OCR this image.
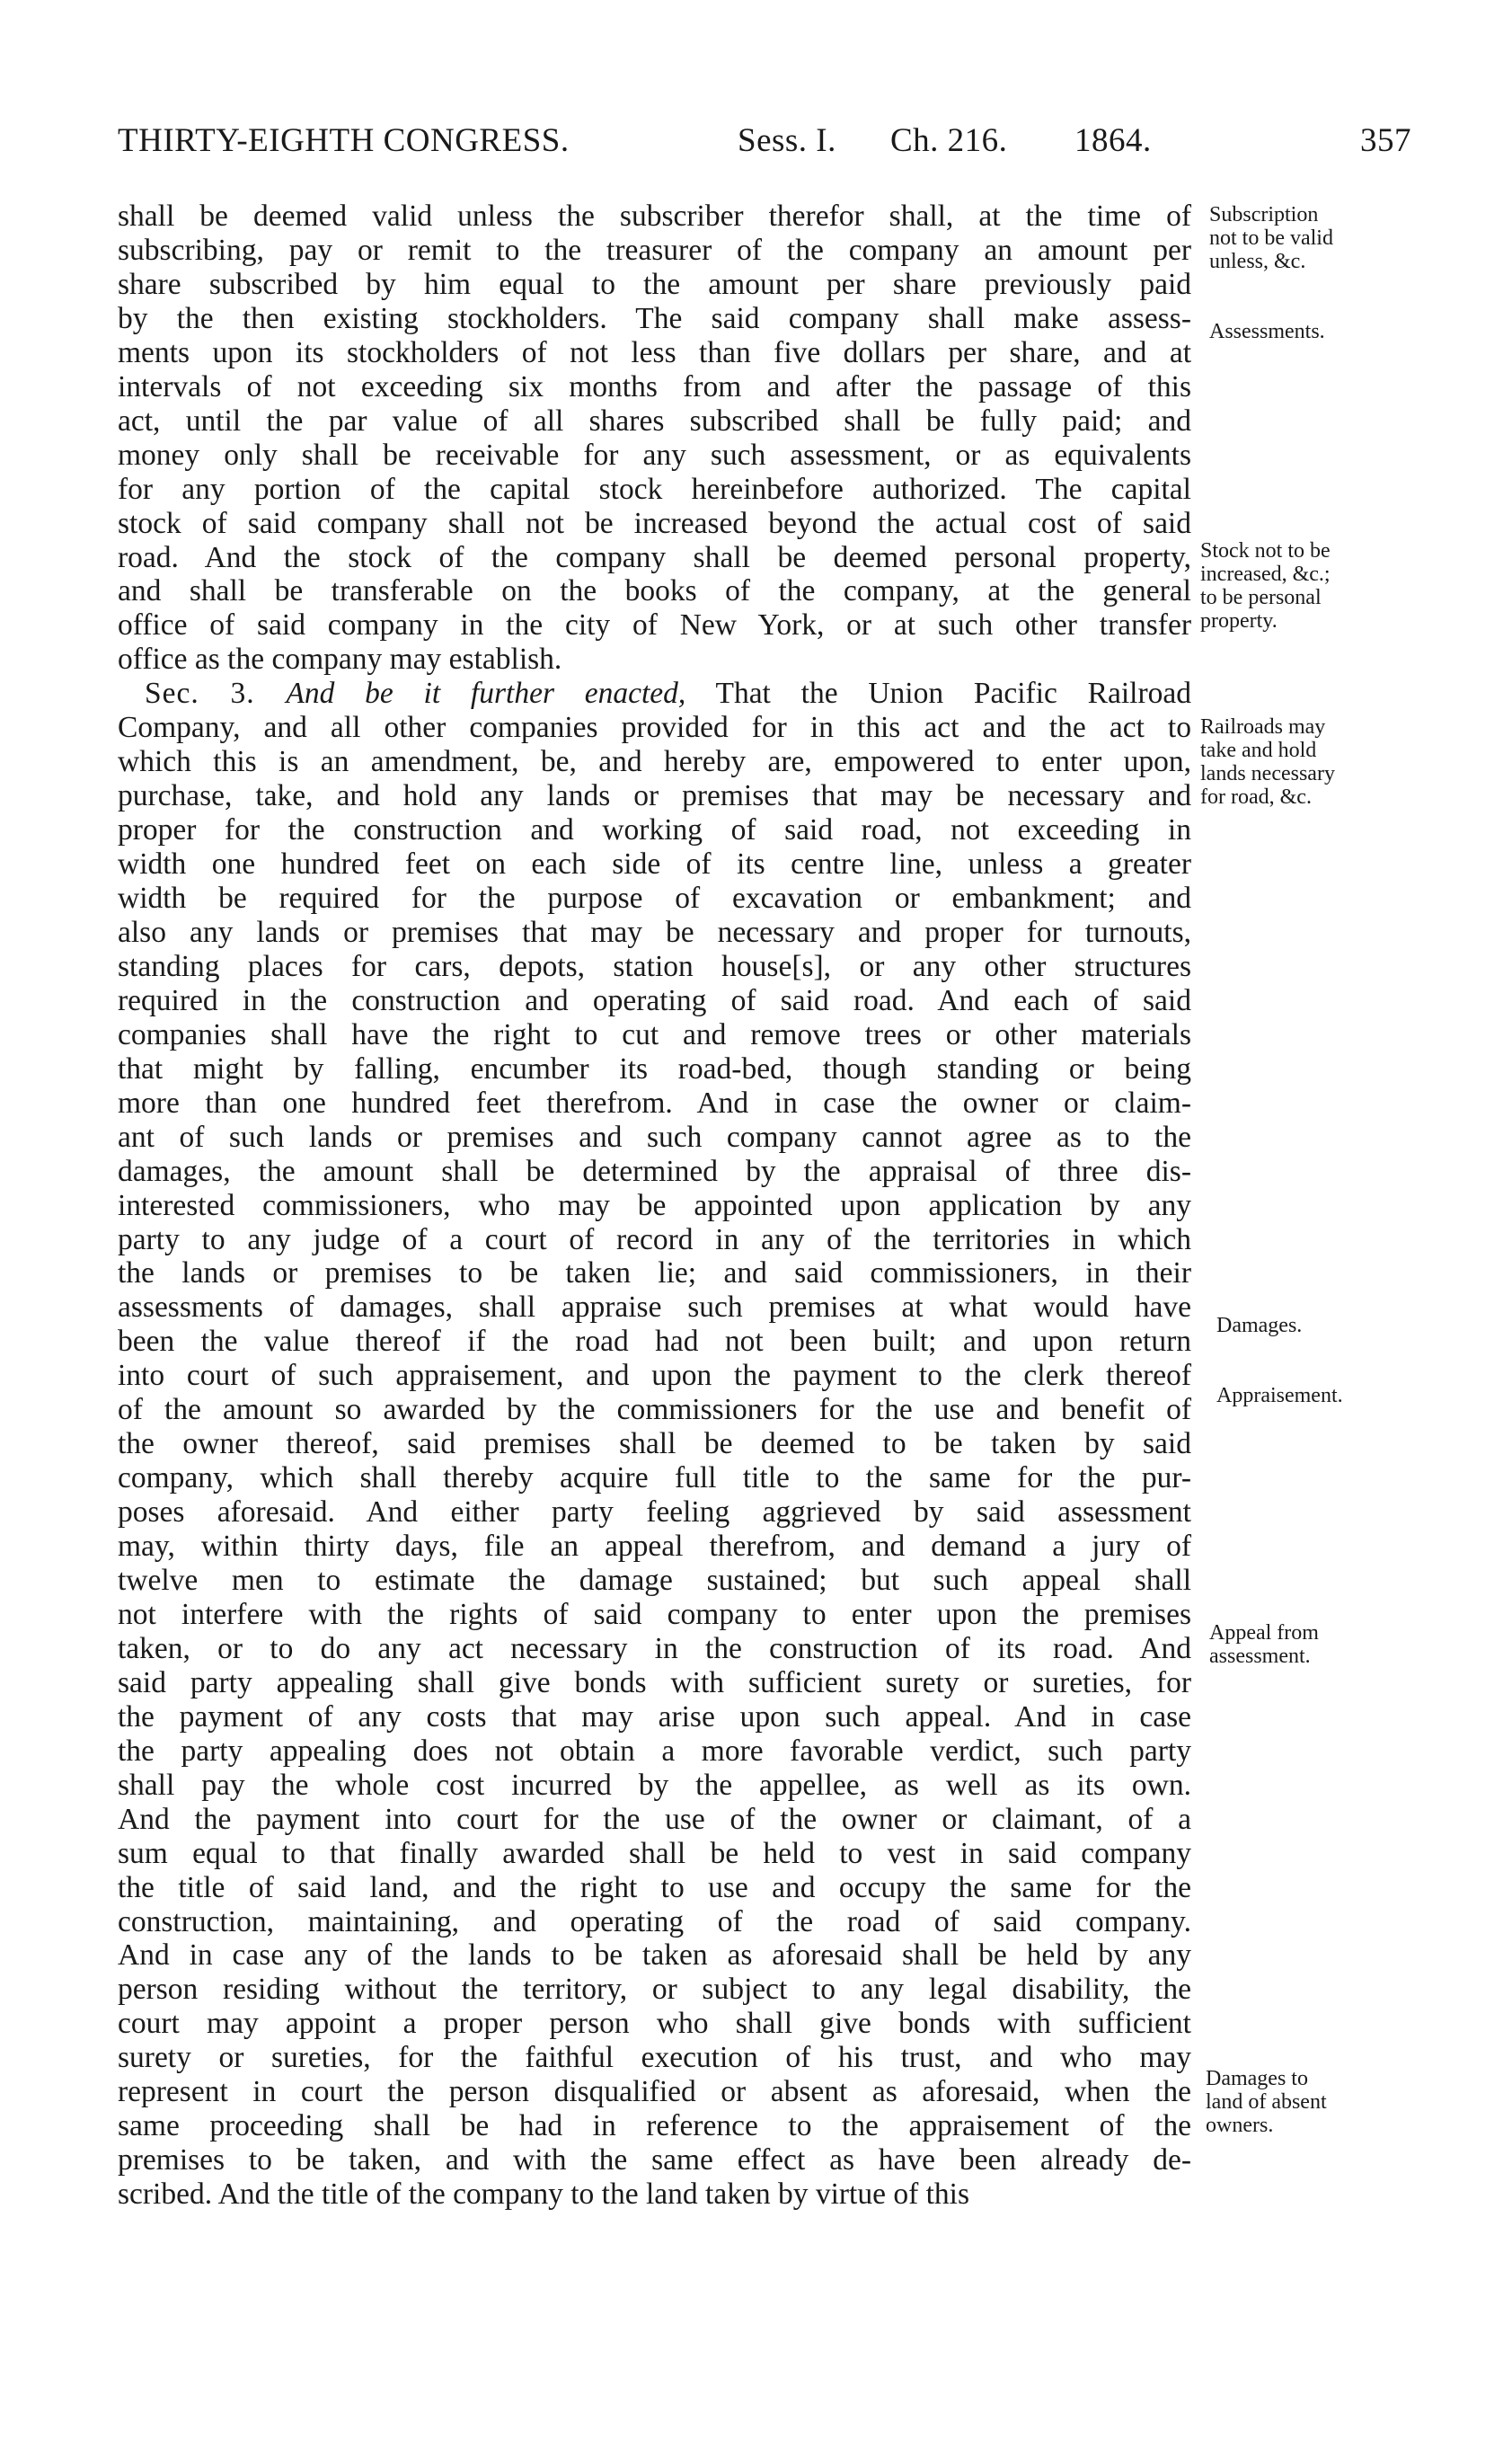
THIRTY-EIGHTH CONGRESS.	Sess. I. Ch. 216. 1864.	357
shall be deemed valid unless the subscriber therefor shall, at the time of
subscribing, pay or remit to the treasurer of the company an amount per
share subscribed by him equal to the amount per share previously paid
by the then existing stockholders. The said company shall make assess-
ments upon its stockholders of not less than five dollars per share, and at
intervals of not exceeding six months from and after the passage of this
act, until the par value of all shares subscribed shall be fully paid; and
money only shall be receivable for any such assessment, or as equivalents
for any portion of the capital stock hereinbefore authorized. The capital
stock of said company shall not be increased beyond the actual cost of said
road. And the stock of the company shall be deemed personal property,
and shall be transferable on the books of the company, at the general
office of said company in the city of New York, or at such other transfer
office as the company may establish.
Sec. 3. And be it further enacted, That the Union Pacific Railroad
Company, and all other companies provided for in this act and the act to
which this is an amendment, be, and hereby are, empowered to enter upon,
purchase, take, and hold any lands or premises that may be necessary and
proper for the construction and working of said road, not exceeding in
width one hundred feet on each side of its centre line, unless a greater
width be required for the purpose of excavation or embankment; and
also any lands or premises that may be necessary and proper for turnouts,
standing places for cars, depots, station house[s], or any other structures
required in the construction and operating of said road. And each of said
companies shall have the right to cut and remove trees or other materials
that might by falling, encumber its road-bed, though standing or being
more than one hundred feet therefrom. And in case the owner or claim-
ant of such lands or premises and such company cannot agree as to the
damages, the amount shall be determined by the appraisal of three dis-
interested commissioners, who may be appointed upon application by any
party to any judge of a court of record in any of the territories in which
the lands or premises to be taken lie; and said commissioners, in their
assessments of damages, shall appraise such premises at what would have
been the value thereof if the road had not been built; and upon return
into court of such appraisement, and upon the payment to the clerk thereof
of the amount so awarded by the commissioners for the use and benefit of
the owner thereof, said premises shall be deemed to be taken by said
company, which shall thereby acquire full title to the same for the pur-
poses aforesaid. And either party feeling aggrieved by said assessment
may, within thirty days, file an appeal therefrom, and demand a jury of
twelve men to estimate the damage sustained; but such appeal shall
not interfere with the rights of said company to enter upon the premises
taken, or to do any act necessary in the construction of its road. And
said party appealing shall give bonds with sufficient surety or sureties, for
the payment of any costs that may arise upon such appeal. And in case
the party appealing does not obtain a more favorable verdict, such party
shall pay the whole cost incurred by the appellee, as well as its own.
And the payment into court for the use of the owner or claimant, of a
sum equal to that finally awarded shall be held to vest in said company
the title of said land, and the right to use and occupy the same for the
construction, maintaining, and operating of the road of said company.
And in case any of the lands to be taken as aforesaid shall be held by any
person residing without the territory, or subject to any legal disability, the
court may appoint a proper person who shall give bonds with sufficient
surety or sureties, for the faithful execution of his trust, and who may
represent in court the person disqualified or absent as aforesaid, when the
same proceeding shall be had in reference to the appraisement of the
premises to be taken, and with the same effect as have been already de-
scribed. And the title of the company to the land taken by virtue of this
Subscription
not to be valid
unless, &c.
Assessments.
Stock not to be
increased, &c.;
to be personal
property.
Railroads may
take and hold
lands necessary
for road, &c.
Damages.
Appraisement.
Appeal from
assessment.
Damages to
land of absent
owners.
